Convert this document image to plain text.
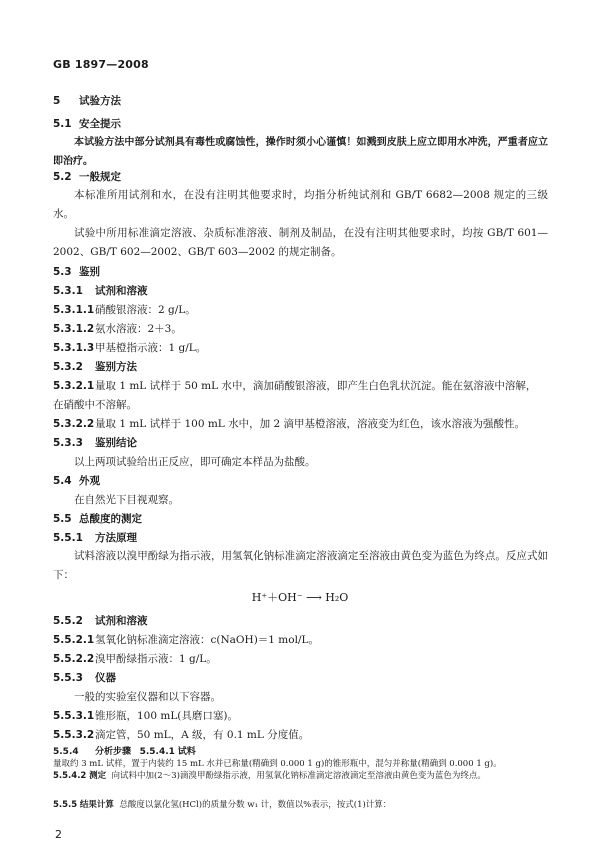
GB 1897—2008
5 试验方法
5.1 安全提示
本试验方法中部分试剂具有毒性或腐蚀性，操作时须小心谨慎！如溅到皮肤上应立即用水冲洗，严重者应立即治疗。
5.2 一般规定
本标准所用试剂和水，在没有注明其他要求时，均指分析纯试剂和 GB/T 6682—2008 规定的三级水。
试验中所用标准滴定溶液、杂质标准溶液、制剂及制品，在没有注明其他要求时，均按 GB/T 601—2002、GB/T 602—2002、GB/T 603—2002 的规定制备。
5.3 鉴别
5.3.1 试剂和溶液
5.3.1.1硝酸银溶液：2 g/L。
5.3.1.2氨水溶液：2＋3。
5.3.1.3甲基橙指示液：1 g/L。
5.3.2 鉴别方法
5.3.2.1量取 1 mL 试样于 50 mL 水中，滴加硝酸银溶液，即产生白色乳状沉淀。能在氨溶液中溶解，
在硝酸中不溶解。
5.3.2.2量取 1 mL 试样于 100 mL 水中，加 2 滴甲基橙溶液，溶液变为红色，该水溶液为强酸性。
5.3.3 鉴别结论
以上两项试验给出正反应，即可确定本样品为盐酸。
5.4 外观
在自然光下目视观察。
5.5 总酸度的测定
5.5.1 方法原理
试料溶液以溴甲酚绿为指示液，用氢氧化钠标准滴定溶液滴定至溶液由黄色变为蓝色为终点。反应式如下：
H⁺＋OH⁻ ⟶ H₂O
5.5.2 试剂和溶液
5.5.2.1氢氧化钠标准滴定溶液：c(NaOH)＝1 mol/L。
5.5.2.2溴甲酚绿指示液：1 g/L。
5.5.3 仪器
一般的实验室仪器和以下容器。
5.5.3.1锥形瓶，100 mL(具磨口塞)。
5.5.3.2滴定管，50 mL，A 级，有 0.1 mL 分度值。
5.5.4 分析步骤 5.5.4.1 试料
量取约 3 mL 试样，置于内装约 15 mL 水并已称量(精确到 0.000 1 g)的锥形瓶中，混匀并称量(精确到 0.000 1 g)。
5.5.4.2 测定 向试料中加(2～3)滴溴甲酚绿指示液，用氢氧化钠标准滴定溶液滴定至溶液由黄色变为蓝色为终点。
5.5.5 结果计算 总酸度以氯化氢(HCl)的质量分数 w₁ 计，数值以%表示，按式(1)计算：
2
